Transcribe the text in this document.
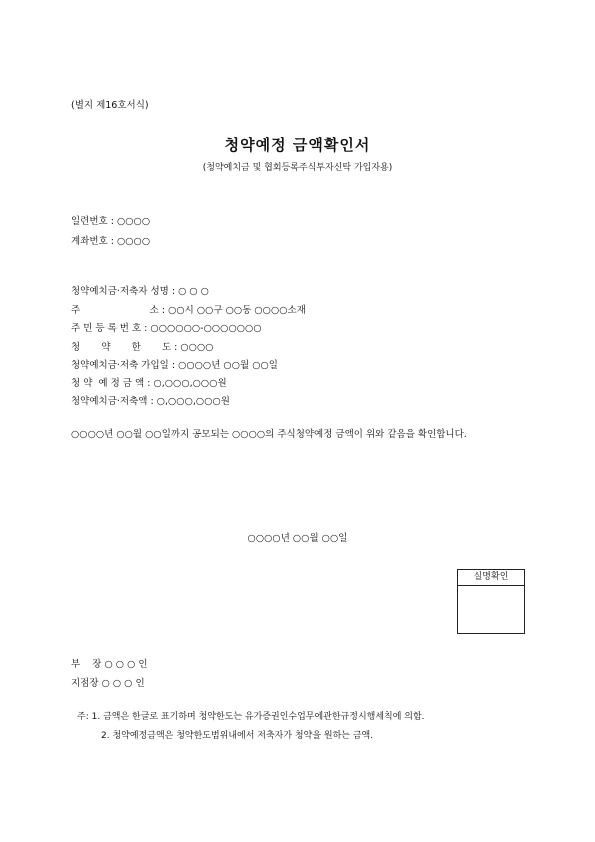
(별지 제16호서식)
청약예정 금액확인서
(청약예치금 및 협회등록주식투자신탁 가입자용)
일련번호 : ○○○○
계좌번호 : ○○○○
청약예치금·저축자 성명 : ○ ○ ○
주                       소 : ○○시 ○○구 ○○동 ○○○○소재
주 민 등 록 번 호 : ○○○○○○-○○○○○○○
청       약       한       도 : ○○○○
청약예치금·저축 가입일 : ○○○○년 ○○월 ○○일
청 약  예 정 금 액 : ○,○○○,○○○원
청약예치금·저축액 : ○,○○○,○○○원
○○○○년 ○○월 ○○일까지 공모되는 ○○○○의 주식청약예정 금액이 위와 같음을 확인합니다.
○○○○년 ○○월 ○○일
실명확인
부    장 ○ ○ ○ 인
지점장 ○ ○ ○ 인
주: 1. 금액은 한글로 표기하며 청약한도는 유가증권인수업무에관한규정시행세칙에 의함.
2. 청약예정금액은 청약한도범위내에서 저축자가 청약을 원하는 금액.
